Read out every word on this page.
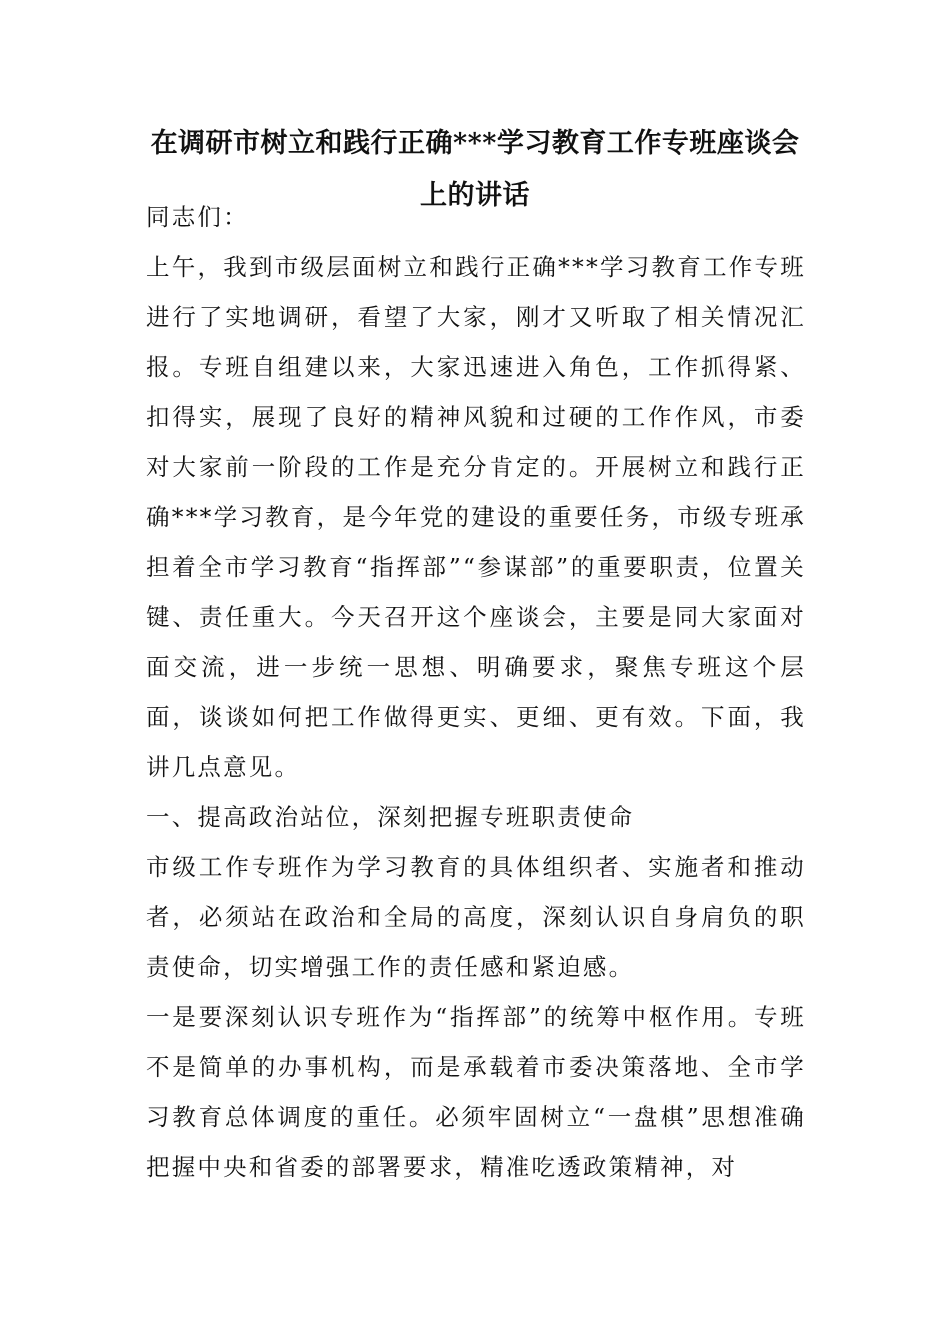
在调研市树立和践行正确***学习教育工作专班座谈会上的讲话

同志们：

上午，我到市级层面树立和践行正确***学习教育工作专班进行了实地调研，看望了大家，刚才又听取了相关情况汇报。专班自组建以来，大家迅速进入角色，工作抓得紧、扣得实，展现了良好的精神风貌和过硬的工作作风，市委对大家前一阶段的工作是充分肯定的。开展树立和践行正确***学习教育，是今年党的建设的重要任务，市级专班承担着全市学习教育“指挥部”“参谋部”的重要职责，位置关键、责任重大。今天召开这个座谈会，主要是同大家面对面交流，进一步统一思想、明确要求，聚焦专班这个层面，谈谈如何把工作做得更实、更细、更有效。下面，我讲几点意见。

一、提高政治站位，深刻把握专班职责使命

市级工作专班作为学习教育的具体组织者、实施者和推动者，必须站在政治和全局的高度，深刻认识自身肩负的职责使命，切实增强工作的责任感和紧迫感。

一是要深刻认识专班作为“指挥部”的统筹中枢作用。专班不是简单的办事机构，而是承载着市委决策落地、全市学习教育总体调度的重任。必须牢固树立“一盘棋”思想准确把握中央和省委的部署要求，精准吃透政策精神，对
